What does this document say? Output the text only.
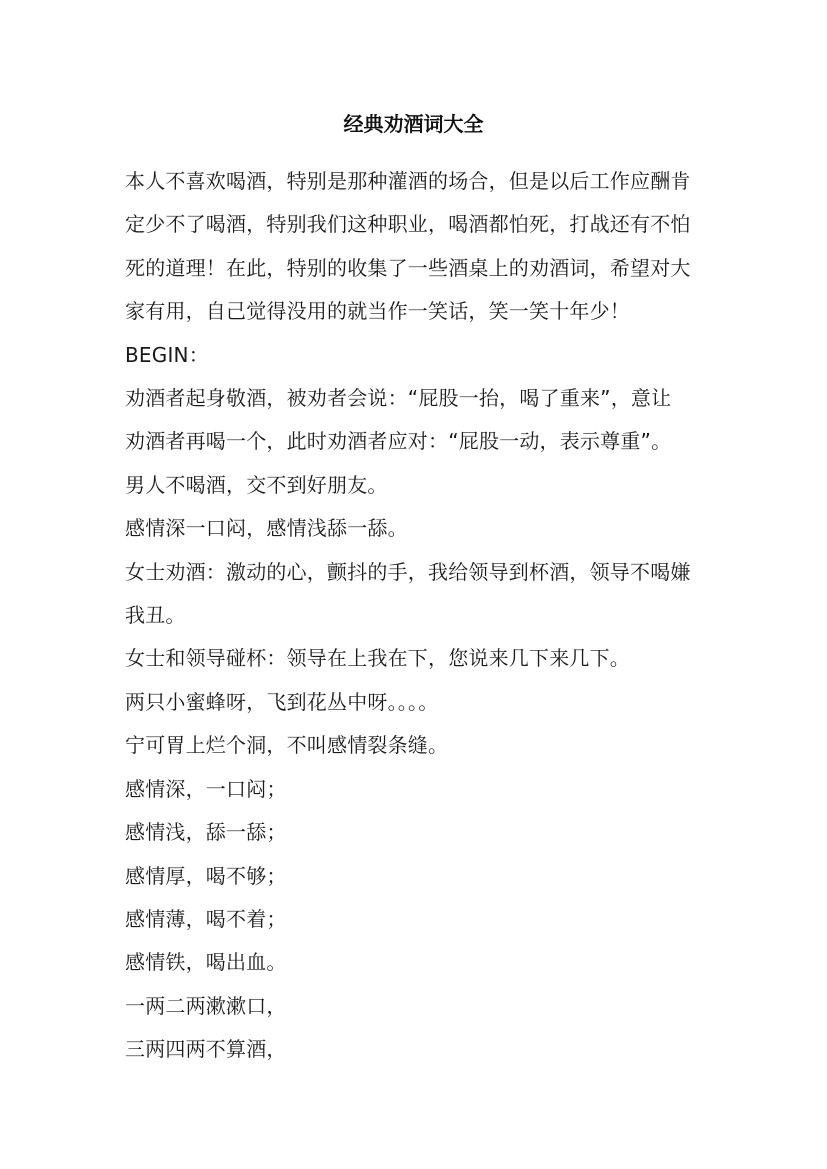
经典劝酒词大全

本人不喜欢喝酒，特别是那种灌酒的场合，但是以后工作应酬肯
定少不了喝酒，特别我们这种职业，喝酒都怕死，打战还有不怕
死的道理！在此，特别的收集了一些酒桌上的劝酒词，希望对大
家有用，自己觉得没用的就当作一笑话，笑一笑十年少！

BEGIN：

劝酒者起身敬酒，被劝者会说：“屁股一抬，喝了重来”，意让
劝酒者再喝一个，此时劝酒者应对：“屁股一动，表示尊重”。

男人不喝酒，交不到好朋友。

感情深一口闷，感情浅舔一舔。

女士劝酒：激动的心，颤抖的手，我给领导到杯酒，领导不喝嫌
我丑。

女士和领导碰杯：领导在上我在下，您说来几下来几下。

两只小蜜蜂呀，飞到花丛中呀。。。。

宁可胃上烂个洞，不叫感情裂条缝。

感情深，一口闷；
感情浅，舔一舔；
感情厚，喝不够；
感情薄，喝不着；
感情铁，喝出血。
一两二两漱漱口，
三两四两不算酒，
